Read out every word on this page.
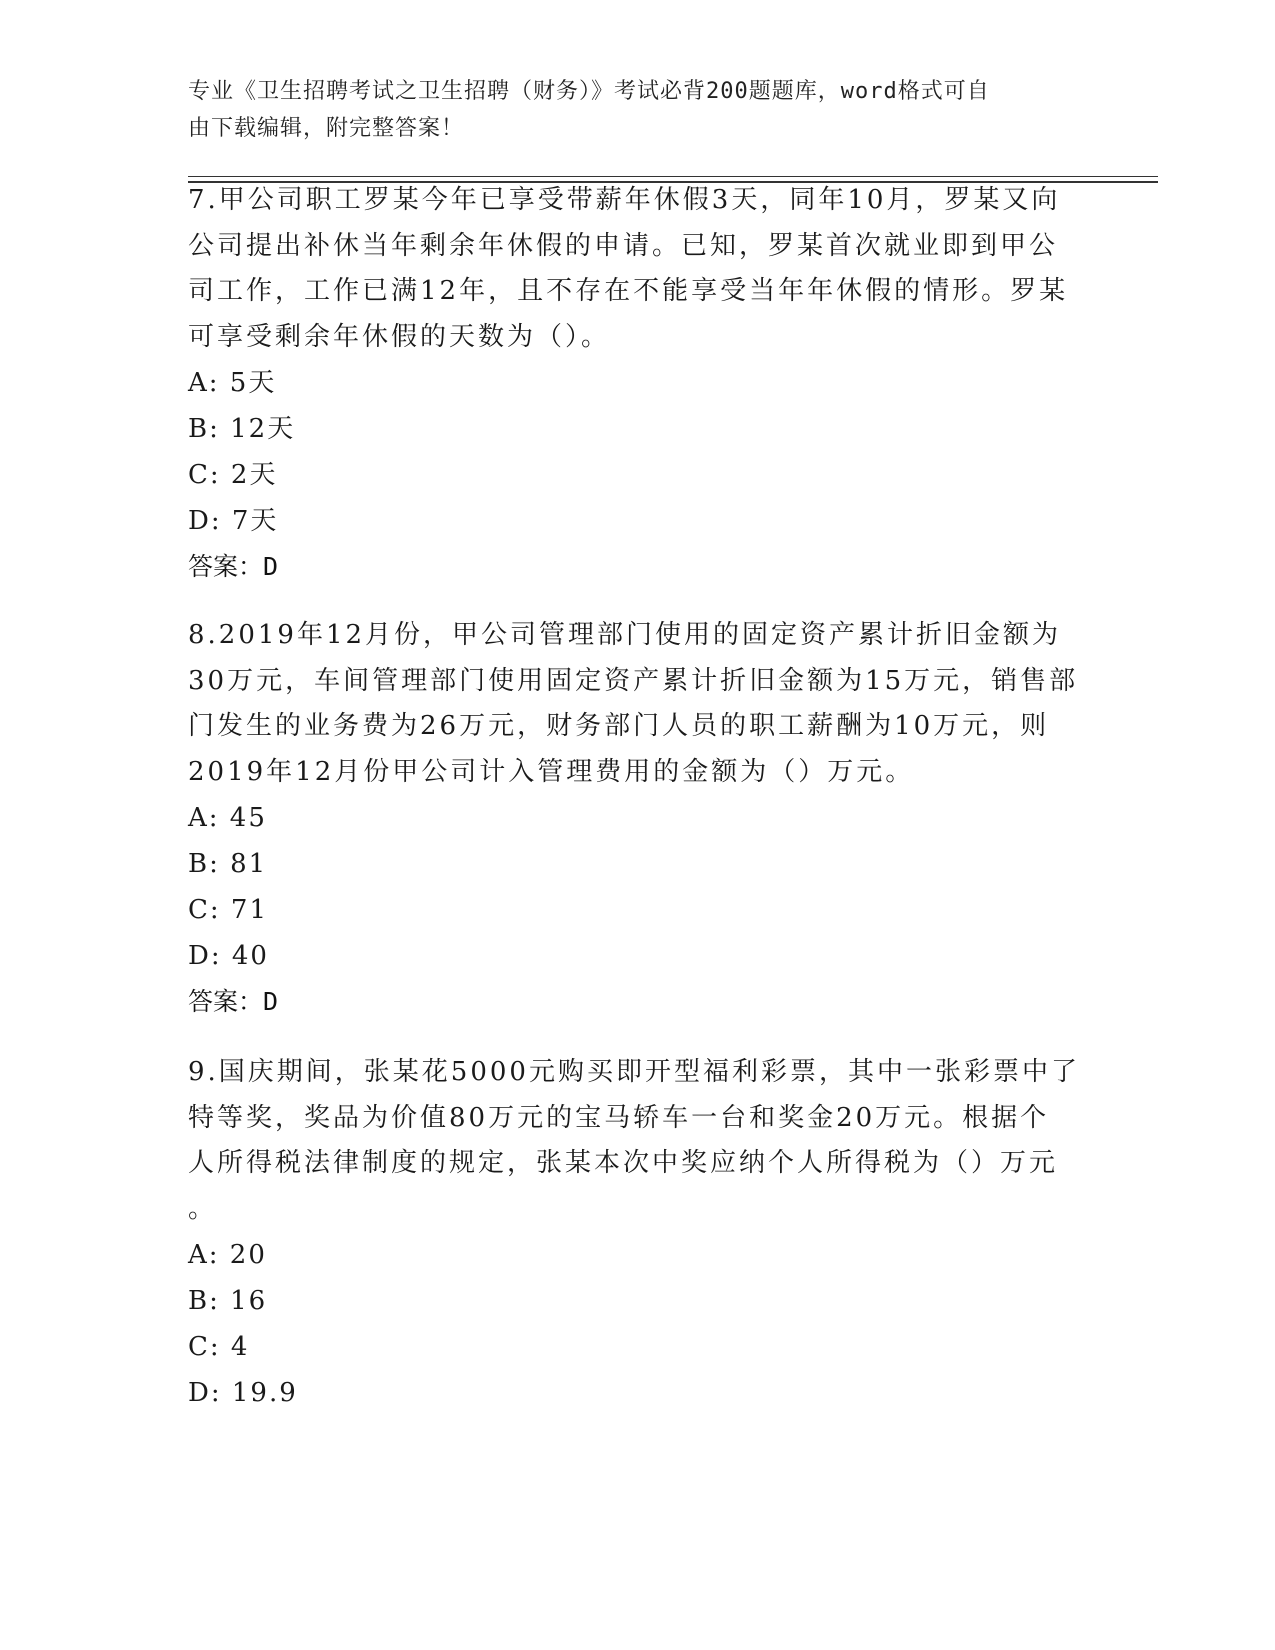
专业《卫生招聘考试之卫生招聘（财务）》考试必背200题题库，word格式可自
由下载编辑，附完整答案！
7.甲公司职工罗某今年已享受带薪年休假3天，同年10月，罗某又向
公司提出补休当年剩余年休假的申请。已知，罗某首次就业即到甲公
司工作，工作已满12年，且不存在不能享受当年年休假的情形。罗某
可享受剩余年休假的天数为（）。
A: 5天
B: 12天
C: 2天
D: 7天
答案：D
8.2019年12月份，甲公司管理部门使用的固定资产累计折旧金额为
30万元，车间管理部门使用固定资产累计折旧金额为15万元，销售部
门发生的业务费为26万元，财务部门人员的职工薪酬为10万元，则
2019年12月份甲公司计入管理费用的金额为（）万元。
A: 45
B: 81
C: 71
D: 40
答案：D
9.国庆期间，张某花5000元购买即开型福利彩票，其中一张彩票中了
特等奖，奖品为价值80万元的宝马轿车一台和奖金20万元。根据个
人所得税法律制度的规定，张某本次中奖应纳个人所得税为（）万元
。
A: 20
B: 16
C: 4
D: 19.9
